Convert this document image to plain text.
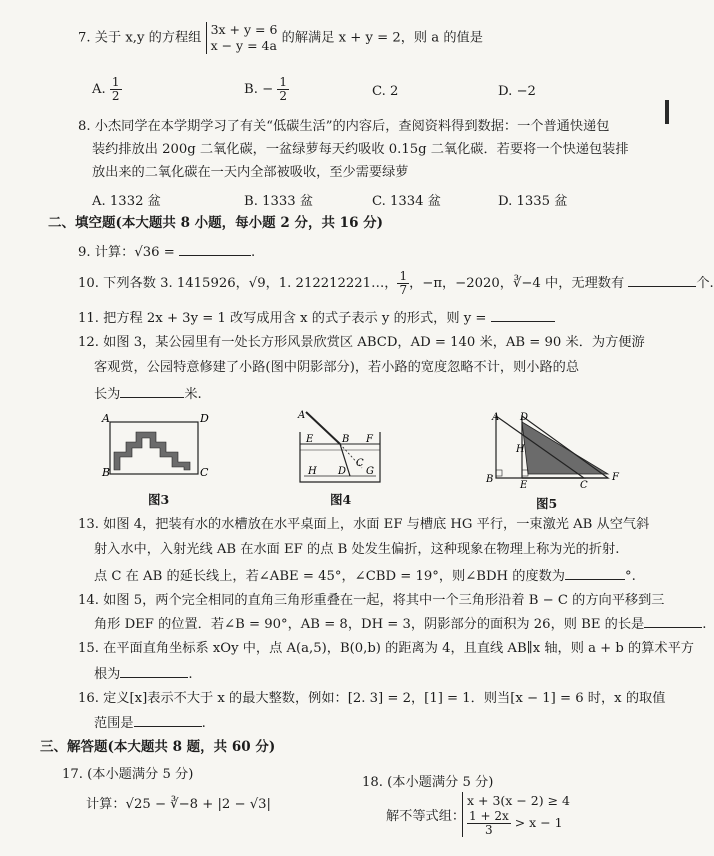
7. 关于 x,y 的方程组
3x + y = 6
x − y = 4a 的解满足 x + y = 2，则 a 的值是
A. $\frac{1}{2}$	B. − $\frac{1}{2}$	C. 2	D. −2
8. 小杰同学在本学期学习了有关“低碳生活”的内容后，查阅资料得到数据：一个普通快递包
装约排放出 200g 二氧化碳，一盆绿萝每天约吸收 0.15g 二氧化碳．若要将一个快递包装排
放出来的二氧化碳在一天内全部被吸收，至少需要绿萝
A. 1332 盆	B. 1333 盆	C. 1334 盆	D. 1335 盆
二、填空题(本大题共 8 小题，每小题 2 分，共 16 分)
9. 计算：√36 =	.
10. 下列各数 3. 1415926，√9，1. 212212221…， $\frac{1}{7}$ ，−π，−2020，∛−4 中，无理数有	个.
11. 把方程 2x + 3y = 1 改写成用含 x 的式子表示 y 的形式，则 y =
12. 如图 3，某公园里有一处长方形风景欣赏区 ABCD，AD = 140 米，AB = 90 米．为方便游
客观赏，公园特意修建了小路(图中阴影部分)，若小路的宽度忽略不计，则小路的总
长为	米.
A	D
B	C
图3
E
A
B F
H D
C
G
图4
A D
H
B
E	C
F
图5
13. 如图 4，把装有水的水槽放在水平桌面上，水面 EF 与槽底 HG 平行，一束激光 AB 从空气斜
射入水中，入射光线 AB 在水面 EF 的点 B 处发生偏折，这种现象在物理上称为光的折射.
点 C 在 AB 的延长线上，若∠ABE = 45°，∠CBD = 19°，则∠BDH 的度数为	°.
14. 如图 5，两个完全相同的直角三角形重叠在一起，将其中一个三角形沿着 B − C 的方向平移到三
角形 DEF 的位置．若∠B = 90°，AB = 8，DH = 3，阴影部分的面积为 26，则 BE 的长是	.
15. 在平面直角坐标系 xOy 中，点 A(a,5)，B(0,b) 的距离为 4，且直线 AB∥x 轴，则 a + b 的算术平方
根为	.
16. 定义[x]表示不大于 x 的最大整数，例如：[2. 3] = 2，[1] = 1．则当[x − 1] = 6 时，x 的取值
范围是	.
三、解答题(本大题共 8 题，共 60 分)
17. (本小题满分 5 分)
计算：√25 − ∛−8 + |2 − √3|
18. (本小题满分 5 分)
解不等式组：
x + 3(x − 2) ≥ 4
$\frac{1 + 2x}{3} > x - 1$
